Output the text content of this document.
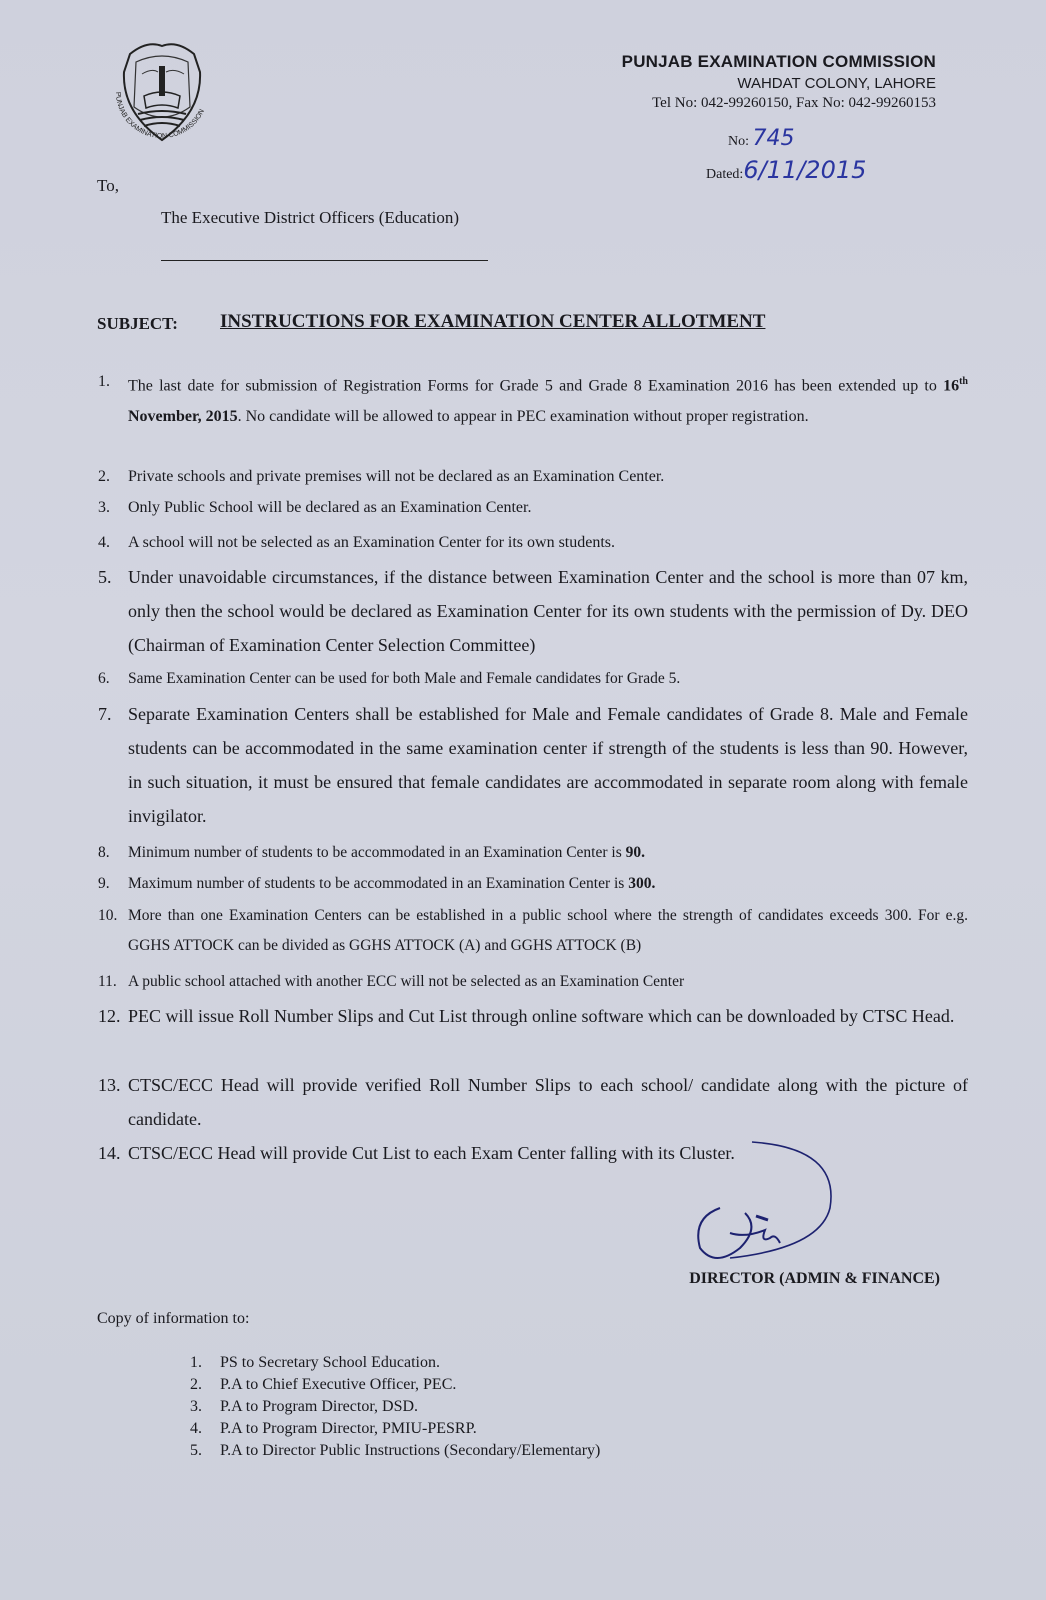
PUNJAB EXAMINATION COMMISSION
PUNJAB EXAMINATION COMMISSION
WAHDAT COLONY, LAHORE
Tel No: 042-99260150, Fax No: 042-99260153
No: 745
Dated:6/11/2015
To,
The Executive District Officers (Education)
SUBJECT: INSTRUCTIONS FOR EXAMINATION CENTER ALLOTMENT
1.	The last date for submission of Registration Forms for Grade 5 and Grade 8 Examination 2016 has been extended up to 16th November, 2015. No candidate will be allowed to appear in PEC examination without proper registration.
2.	Private schools and private premises will not be declared as an Examination Center.
3.	Only Public School will be declared as an Examination Center.
4.	A school will not be selected as an Examination Center for its own students.
5. Under unavoidable circumstances, if the distance between Examination Center and the school is more than 07 km, only then the school would be declared as Examination Center for its own students with the permission of Dy. DEO (Chairman of Examination Center Selection Committee)
6.	Same Examination Center can be used for both Male and Female candidates for Grade 5.
7. Separate Examination Centers shall be established for Male and Female candidates of Grade 8. Male and Female students can be accommodated in the same examination center if strength of the students is less than 90. However, in such situation, it must be ensured that female candidates are accommodated in separate room along with female invigilator.
8.	Minimum number of students to be accommodated in an Examination Center is 90.
9.	Maximum number of students to be accommodated in an Examination Center is 300.
10. More than one Examination Centers can be established in a public school where the strength of candidates exceeds 300. For e.g. GGHS ATTOCK can be divided as GGHS ATTOCK (A) and GGHS ATTOCK (B)
11. A public school attached with another ECC will not be selected as an Examination Center
12. PEC will issue Roll Number Slips and Cut List through online software which can be downloaded by CTSC Head.
13. CTSC/ECC Head will provide verified Roll Number Slips to each school/ candidate along with the picture of candidate.
14. CTSC/ECC Head will provide Cut List to each Exam Center falling with its Cluster.
DIRECTOR (ADMIN & FINANCE)
Copy of information to:
1. PS to Secretary School Education.
2. P.A to Chief Executive Officer, PEC.
3. P.A to Program Director, DSD.
4. P.A to Program Director, PMIU-PESRP.
5. P.A to Director Public Instructions (Secondary/Elementary)
